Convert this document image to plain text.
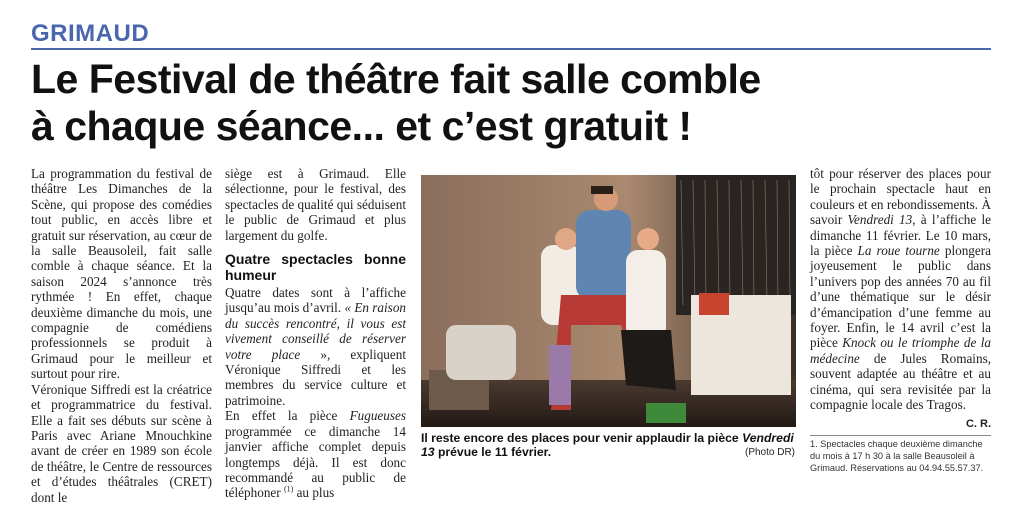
GRIMAUD
Le Festival de théâtre fait salle comble
à chaque séance... et c’est gratuit !

La programmation du festival de théâtre Les Dimanches de la Scène, qui propose des comédies tout public, en accès libre et gratuit sur réservation, au cœur de la salle Beausoleil, fait salle comble à chaque séance. Et la saison 2024 s’annonce très rythmée ! En effet, chaque deuxième dimanche du mois, une compagnie de comédiens professionnels se produit à Grimaud pour le meilleur et surtout pour rire.

Véronique Siffredi est la créatrice et programmatrice du festival. Elle a fait ses débuts sur scène à Paris avec Ariane Mnouchkine avant de créer en 1989 son école de théâtre, le Centre de ressources et d’études théâtrales (CRET) dont le

siège est à Grimaud. Elle sélectionne, pour le festival, des spectacles de qualité qui séduisent le public de Grimaud et plus largement du golfe.

Quatre spectacles bonne humeur

Quatre dates sont à l’affiche jusqu’au mois d’avril. « En raison du succès rencontré, il vous est vivement conseillé de réserver votre place », expliquent Véronique Siffredi et les membres du service culture et patrimoine.

En effet la pièce Fugueuses programmée ce dimanche 14 janvier affiche complet depuis longtemps déjà. Il est donc recommandé au public de téléphoner $^{(1)}$ au plus

Il reste encore des places pour venir applaudir la pièce Vendredi 13 prévue le 11 février.	(Photo DR)

tôt pour réserver des places pour le prochain spectacle haut en couleurs et en rebondissements. À savoir Vendredi 13, à l’affiche le dimanche 11 février. Le 10 mars, la pièce La roue tourne plongera joyeusement le public dans l’univers pop des années 70 au fil d’une thématique sur le désir d’émancipation d’une femme au foyer. Enfin, le 14 avril c’est la pièce Knock ou le triomphe de la médecine de Jules Romains, souvent adaptée au théâtre et au cinéma, qui sera revisitée par la compagnie locale des Tragos.

C. R.
1. Spectacles chaque deuxième dimanche du mois à 17 h 30 à la salle Beausoleil à Grimaud. Réservations au 04.94.55.57.37.
